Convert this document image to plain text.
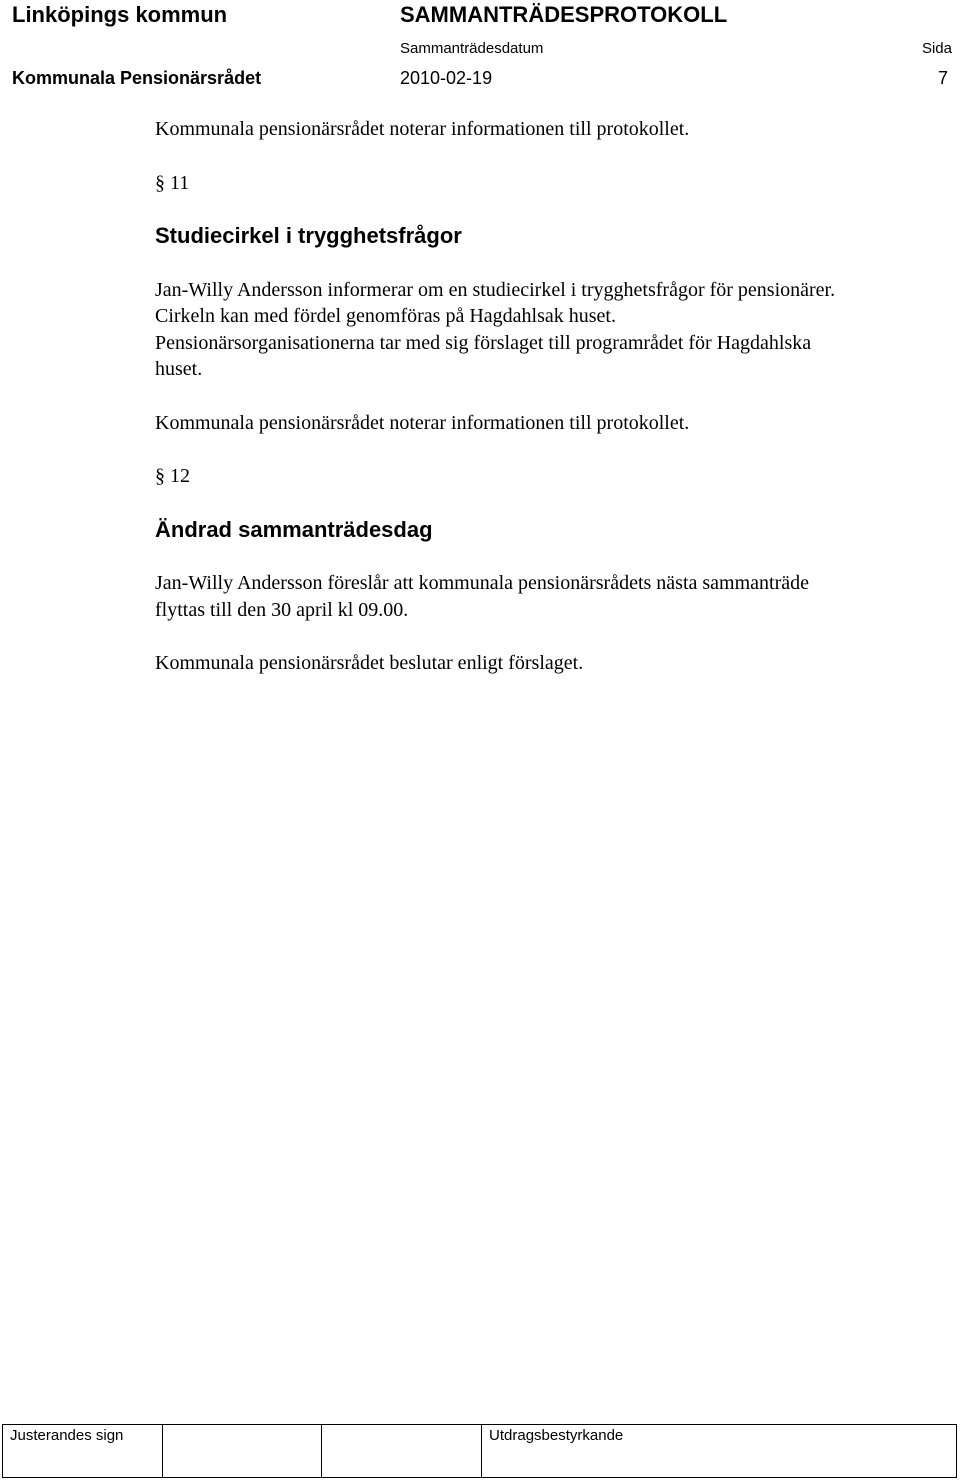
Linköpings kommun	SAMMANTRÄDESPROTOKOLL
Sammanträdesdatum	Sida
Kommunala Pensionärsrådet	2010-02-19	7

Kommunala pensionärsrådet noterar informationen till protokollet.

§ 11

Studiecirkel i trygghetsfrågor

Jan-Willy Andersson informerar om en studiecirkel i trygghetsfrågor för pensionärer.
Cirkeln kan med fördel genomföras på Hagdahlsak huset.
Pensionärsorganisationerna tar med sig förslaget till programrådet för Hagdahlska
huset.

Kommunala pensionärsrådet noterar informationen till protokollet.

§ 12

Ändrad sammanträdesdag

Jan-Willy Andersson föreslår att kommunala pensionärsrådets nästa sammanträde
flyttas till den 30 april kl 09.00.

Kommunala pensionärsrådet beslutar enligt förslaget.

Justerandes sign	Utdragsbestyrkande
